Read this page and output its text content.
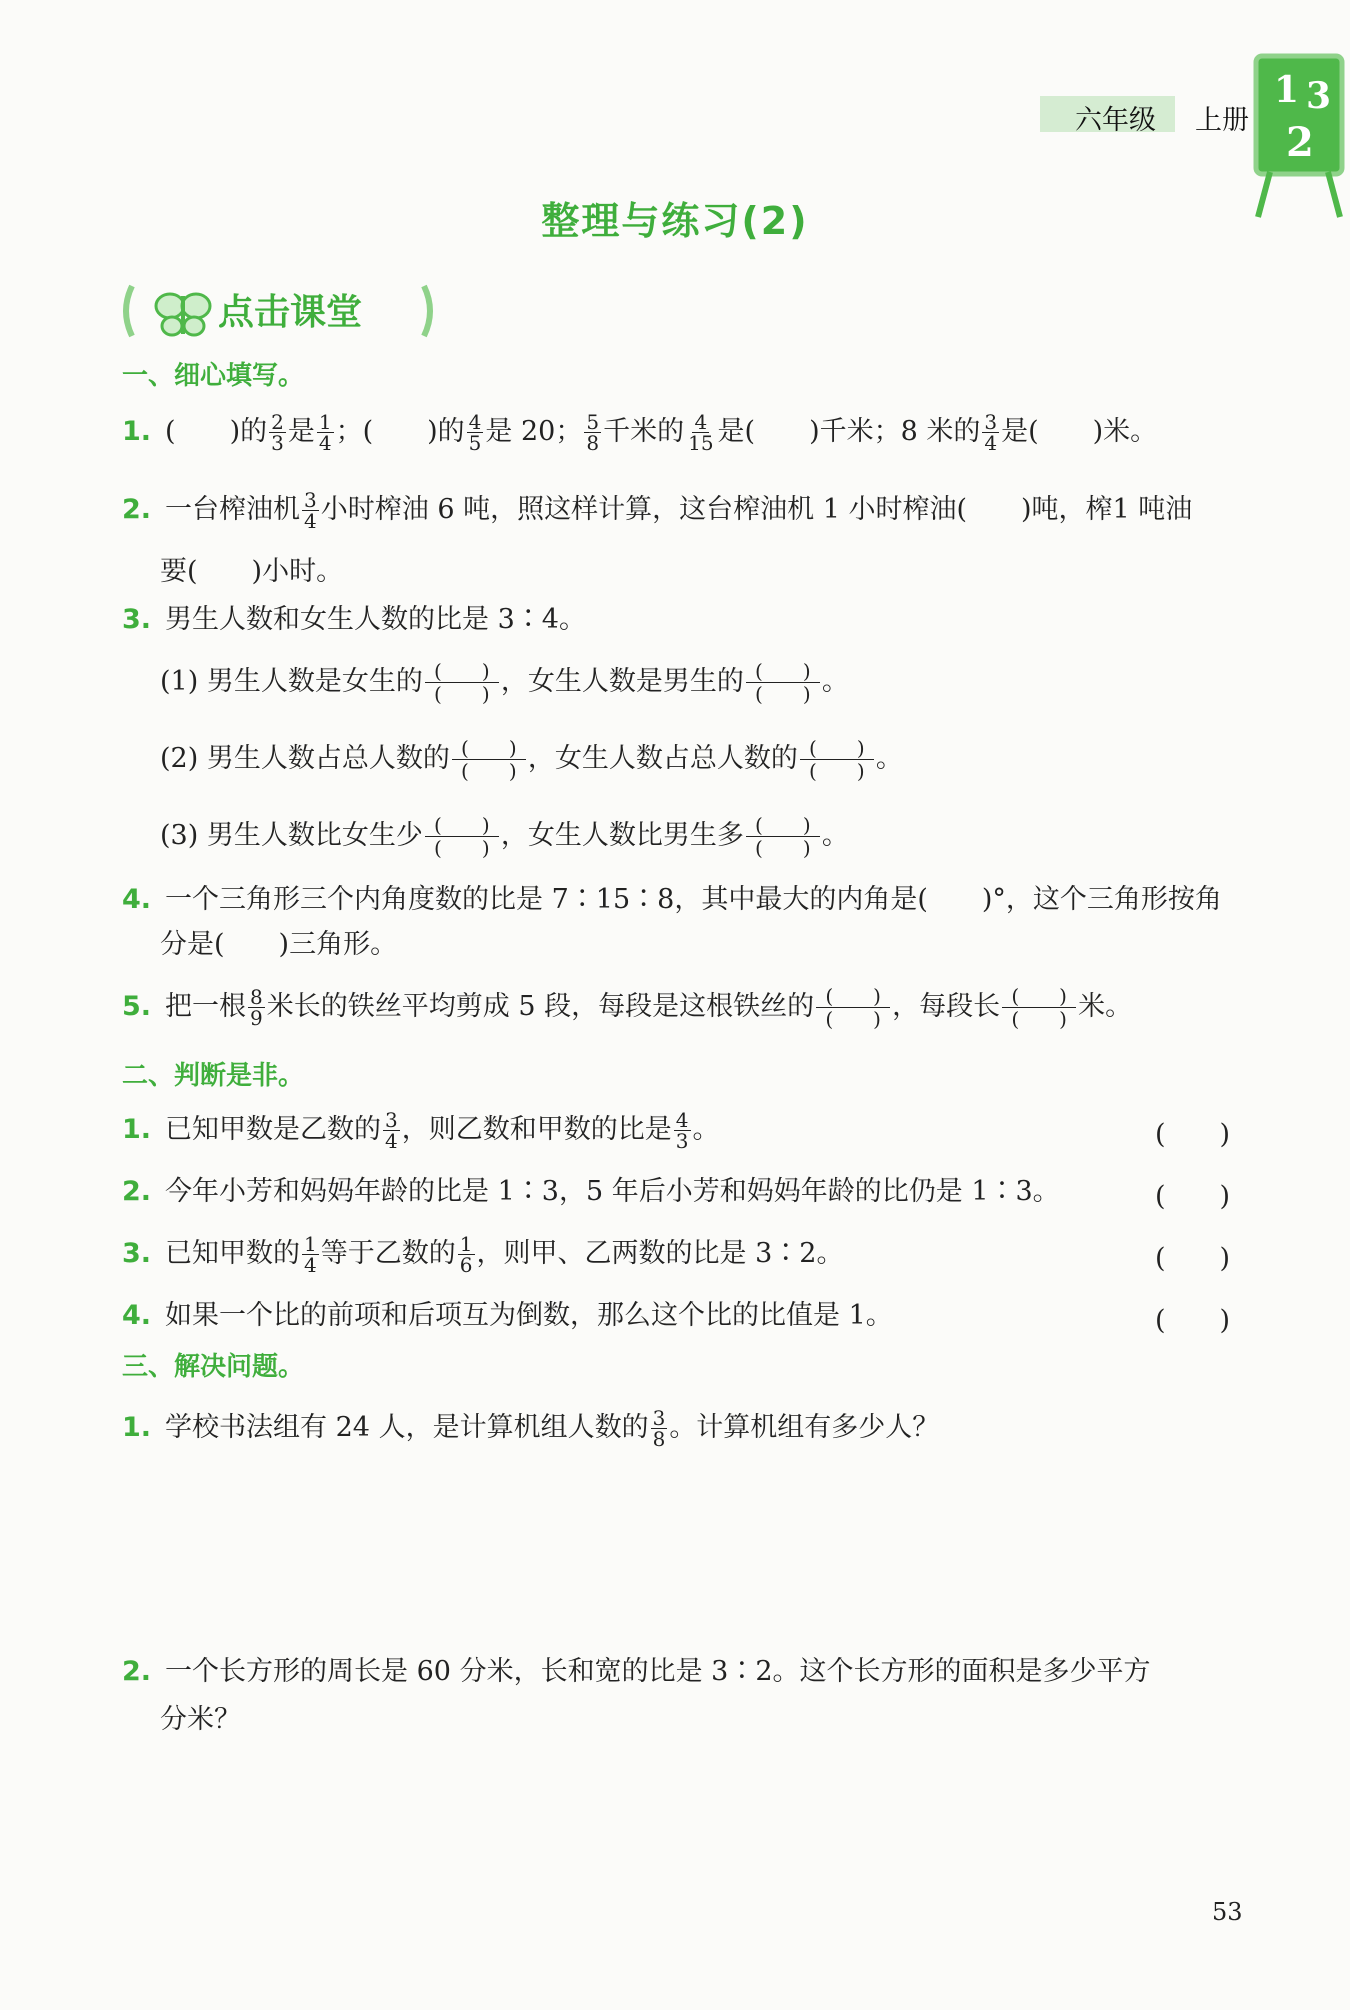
六年级 上册
1 3
2
整理与练习(2)
点击课堂
一、细心填写。
1. (　　)的 $\frac{2}{3}$ 是 $\frac{1}{4}$ ；(　　)的 $\frac{4}{5}$ 是 20； $\frac{5}{8}$ 千米的 $\frac{4}{15}$ 是(　　)千米；8 米的 $\frac{3}{4}$ 是(　　)米。
2. 一台榨油机 $\frac{3}{4}$ 小时榨油 6 吨，照这样计算，这台榨油机 1 小时榨油(　　)吨，榨1 吨油
要(　　)小时。
3. 男生人数和女生人数的比是 3∶4。
(1) 男生人数是女生的 (　　)
(　　) ，女生人数是男生的 (　　)
(　　) 。
(2) 男生人数占总人数的 (　　)
(　　) ，女生人数占总人数的 (　　)
(　　) 。
(3) 男生人数比女生少 (　　)
(　　) ，女生人数比男生多 (　　)
(　　) 。
4. 一个三角形三个内角度数的比是 7∶15∶8，其中最大的内角是(　　)°，这个三角形按角
分是(　　)三角形。
5. 把一根 $\frac{8}{9}$ 米长的铁丝平均剪成 5 段，每段是这根铁丝的 (　　)
(　　) ，每段长 (　　)
(　　) 米。
二、判断是非。
1. 已知甲数是乙数的 $\frac{3}{4}$ ，则乙数和甲数的比是 $\frac{4}{3}$ 。	(　　)
2. 今年小芳和妈妈年龄的比是 1∶3，5 年后小芳和妈妈年龄的比仍是 1∶3。	(　　)
3. 已知甲数的 $\frac{1}{4}$ 等于乙数的 $\frac{1}{6}$ ，则甲、乙两数的比是 3∶2。	(　　)
4. 如果一个比的前项和后项互为倒数，那么这个比的比值是 1。	(　　)
三、解决问题。
1. 学校书法组有 24 人，是计算机组人数的 $\frac{3}{8}$ 。计算机组有多少人？
2. 一个长方形的周长是 60 分米，长和宽的比是 3∶2。这个长方形的面积是多少平方
分米？
53
